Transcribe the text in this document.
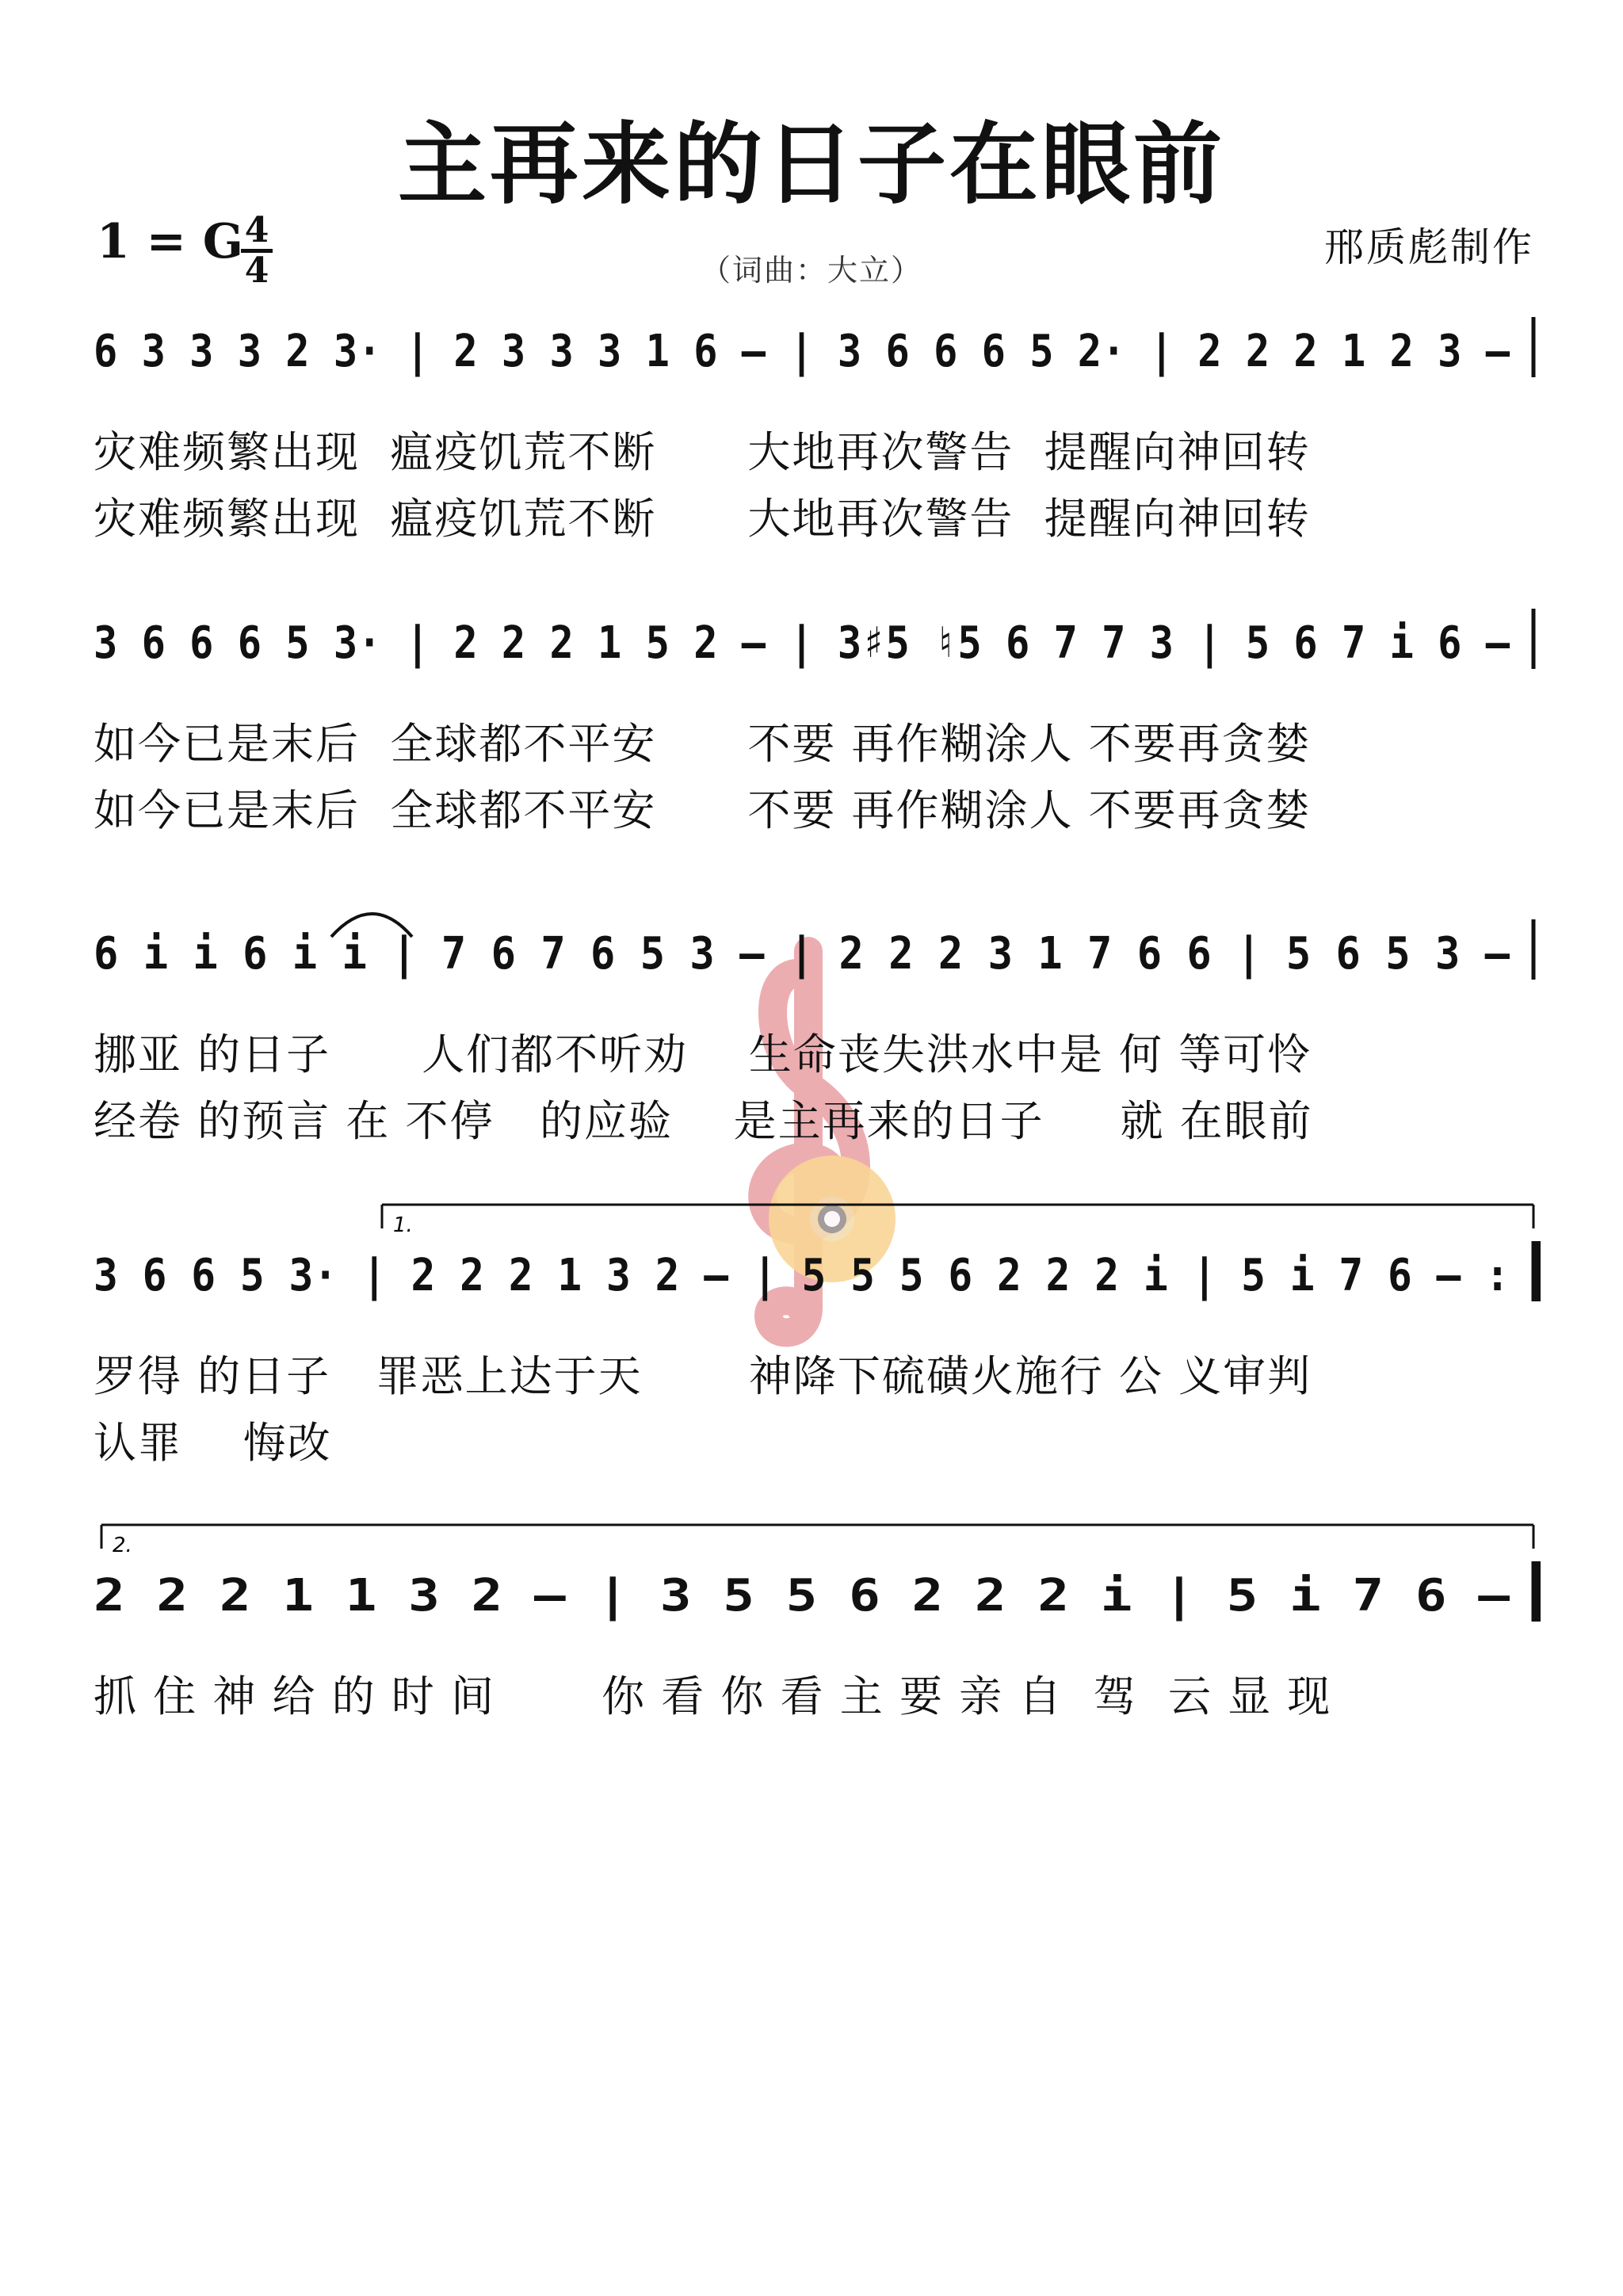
主再来的日子在眼前
1 = G 4
4	（词曲：大立）	邢质彪制作
6 3 3 3 2 3· | 2 3 3 3 1 6 – | 3 6 6 6 5 2· | 2 2 2 1 2 3 –
3 6 6 6 5 3· | 2 2 2 1 5 2 – | 3♯5 ♮5 6 7 7 3 | 5 6 7 i 6 –
6 i i 6 i i | 7 6 7 6 5 3 – | 2 2 2 3 1 7 6 6 | 5 6 5 3 –
3 6 6 5 3· | 2 2 2 1 3 2 – | 5 5 5 6 2 2 2 i | 5 i 7 6 – :
1.
2 2 2 1 1 3 2 – | 3 5 5 6 2 2 2 i | 5 i 7 6 –
2.
灾难频繁出现  瘟疫饥荒不断      大地再次警告  提醒向神回转
灾难频繁出现  瘟疫饥荒不断      大地再次警告  提醒向神回转
如今已是末后  全球都不平安      不要 再作糊涂人 不要再贪婪
如今已是末后  全球都不平安      不要 再作糊涂人 不要再贪婪
挪亚 的日子      人们都不听劝    生命丧失洪水中是 何 等可怜
经卷 的预言 在 不停   的应验    是主再来的日子     就 在眼前
罗得 的日子   罪恶上达于天       神降下硫磺火施行 公 义审判
认罪    悔改
抓 住 神 给 的 时 间       你 看 你 看 主 要 亲 自  驾  云 显 现
